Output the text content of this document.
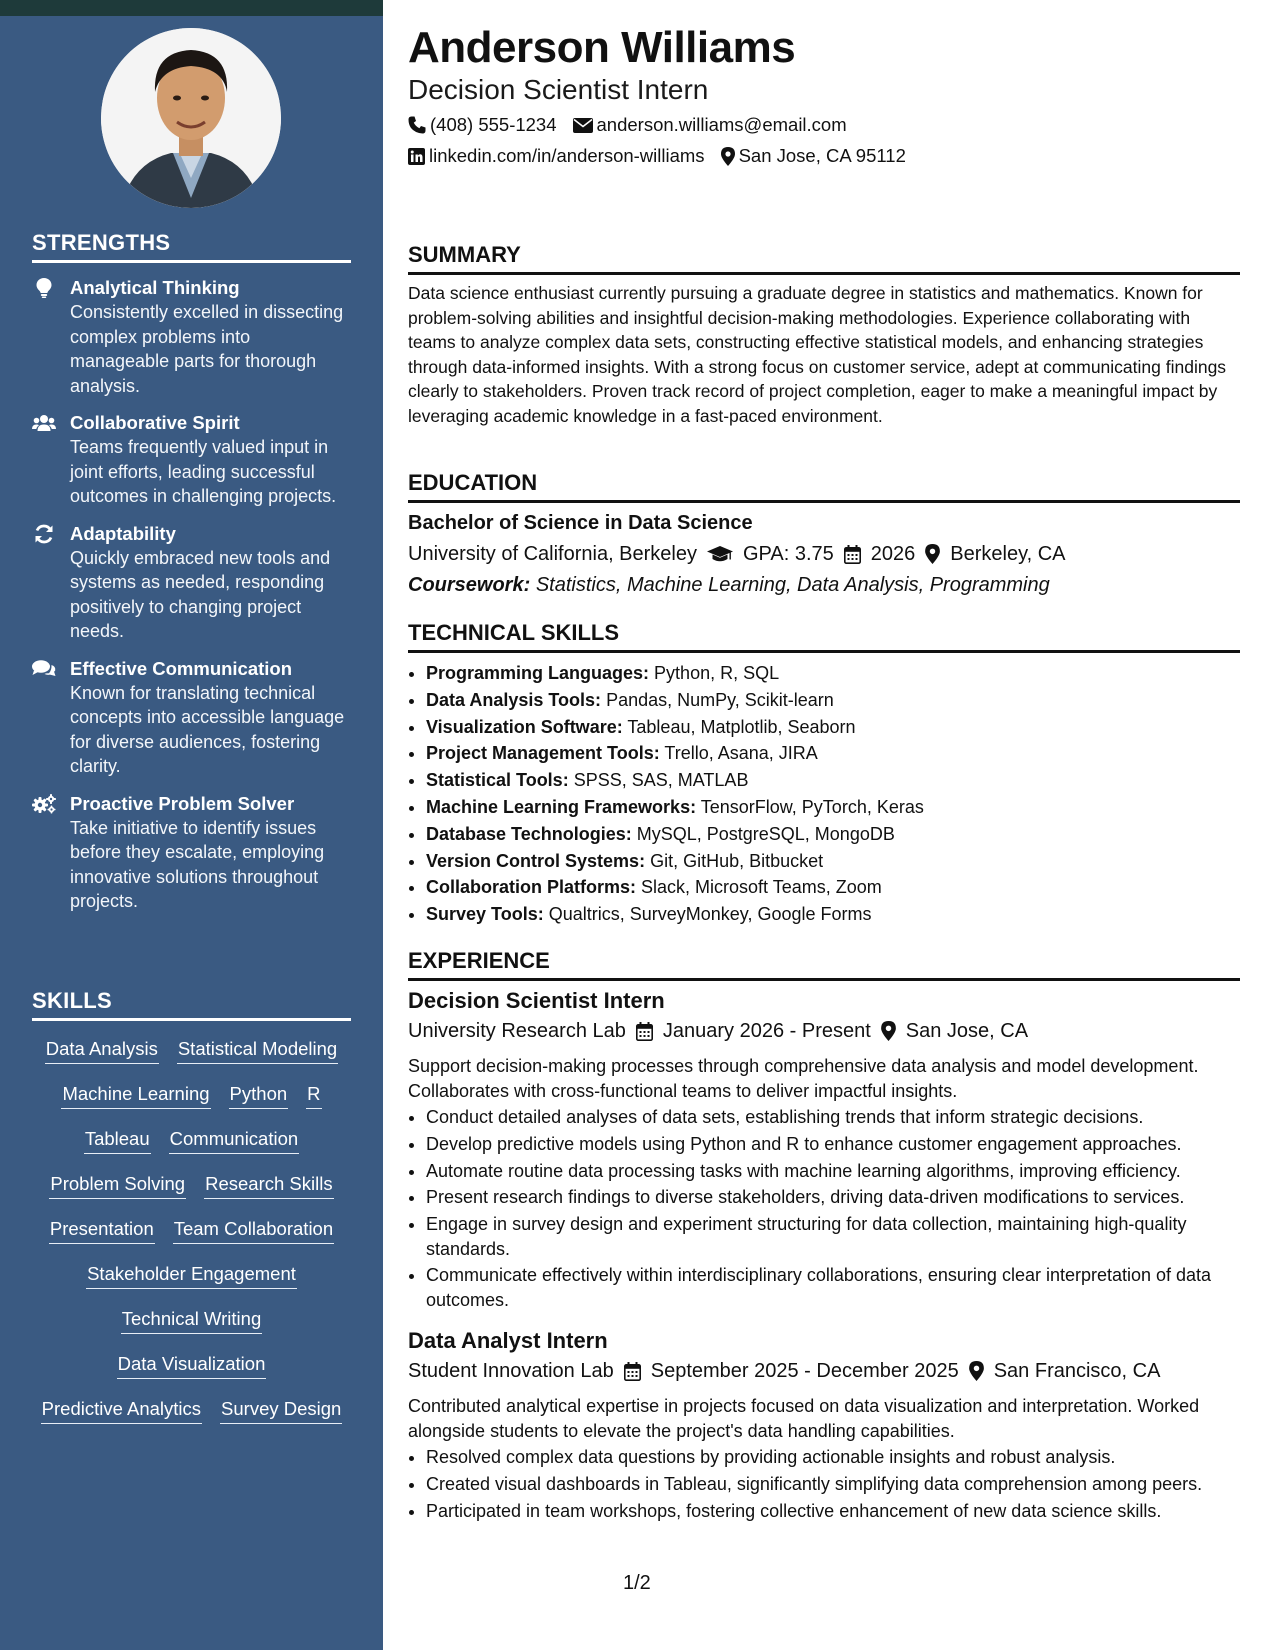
STRENGTHS
Analytical Thinking
Consistently excelled in dissecting complex problems into manageable parts for thorough analysis.
Collaborative Spirit
Teams frequently valued input in joint efforts, leading successful outcomes in challenging projects.
Adaptability
Quickly embraced new tools and systems as needed, responding positively to changing project needs.
Effective Communication
Known for translating technical concepts into accessible language for diverse audiences, fostering clarity.
Proactive Problem Solver
Take initiative to identify issues before they escalate, employing innovative solutions throughout projects.
SKILLS
Data Analysis Statistical Modeling
Machine Learning Python R
Tableau Communication
Problem Solving Research Skills
Presentation Team Collaboration
Stakeholder Engagement
Technical Writing
Data Visualization
Predictive Analytics Survey Design
Anderson Williams
Decision Scientist Intern
(408) 555-1234 anderson.williams@email.com
linkedin.com/in/anderson-williams San Jose, CA 95112
SUMMARY
Data science enthusiast currently pursuing a graduate degree in statistics and mathematics. Known for problem-solving abilities and insightful decision-making methodologies. Experience collaborating with teams to analyze complex data sets, constructing effective statistical models, and enhancing strategies through data-informed insights. With a strong focus on customer service, adept at communicating findings clearly to stakeholders. Proven track record of project completion, eager to make a meaningful impact by leveraging academic knowledge in a fast-paced environment.
EDUCATION
Bachelor of Science in Data Science
University of California, Berkeley GPA: 3.75 2026 Berkeley, CA
Coursework: Statistics, Machine Learning, Data Analysis, Programming
TECHNICAL SKILLS
• Programming Languages: Python, R, SQL
• Data Analysis Tools: Pandas, NumPy, Scikit-learn
• Visualization Software: Tableau, Matplotlib, Seaborn
• Project Management Tools: Trello, Asana, JIRA
• Statistical Tools: SPSS, SAS, MATLAB
• Machine Learning Frameworks: TensorFlow, PyTorch, Keras
• Database Technologies: MySQL, PostgreSQL, MongoDB
• Version Control Systems: Git, GitHub, Bitbucket
• Collaboration Platforms: Slack, Microsoft Teams, Zoom
• Survey Tools: Qualtrics, SurveyMonkey, Google Forms
EXPERIENCE
Decision Scientist Intern
University Research Lab January 2026 - Present San Jose, CA
Support decision-making processes through comprehensive data analysis and model development. Collaborates with cross-functional teams to deliver impactful insights.
• Conduct detailed analyses of data sets, establishing trends that inform strategic decisions.
• Develop predictive models using Python and R to enhance customer engagement approaches.
• Automate routine data processing tasks with machine learning algorithms, improving efficiency.
• Present research findings to diverse stakeholders, driving data-driven modifications to services.
• Engage in survey design and experiment structuring for data collection, maintaining high-quality standards.
• Communicate effectively within interdisciplinary collaborations, ensuring clear interpretation of data outcomes.
Data Analyst Intern
Student Innovation Lab September 2025 - December 2025 San Francisco, CA
Contributed analytical expertise in projects focused on data visualization and interpretation. Worked alongside students to elevate the project's data handling capabilities.
• Resolved complex data questions by providing actionable insights and robust analysis.
• Created visual dashboards in Tableau, significantly simplifying data comprehension among peers.
• Participated in team workshops, fostering collective enhancement of new data science skills.
1/2
